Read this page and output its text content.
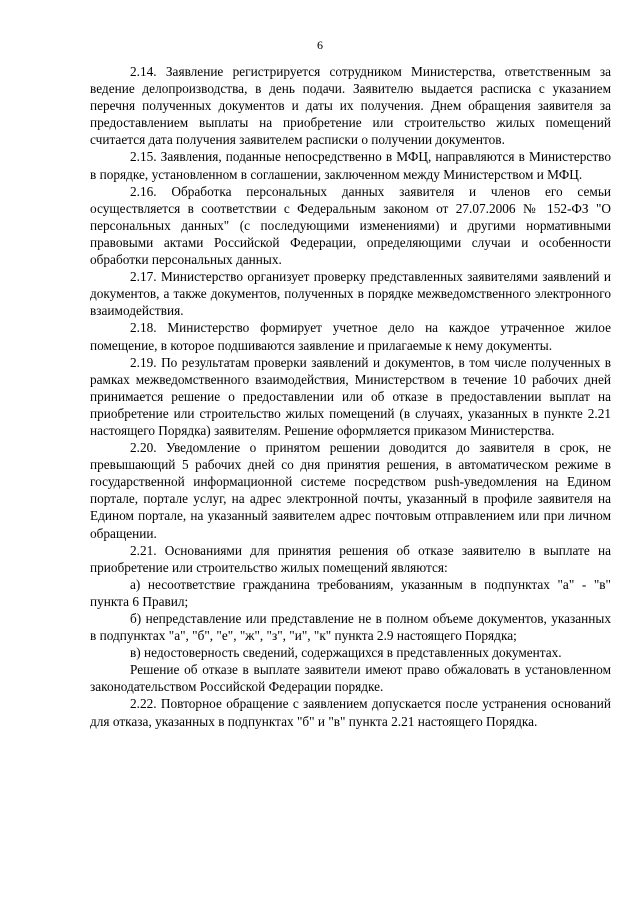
6

2.14. Заявление регистрируется сотрудником Министерства, ответственным за ведение делопроизводства, в день подачи. Заявителю выдается расписка с указанием перечня полученных документов и даты их получения. Днем обращения заявителя за предоставлением выплаты на приобретение или строительство жилых помещений считается дата получения заявителем расписки о получении документов.

2.15. Заявления, поданные непосредственно в МФЦ, направляются в Министерство в порядке, установленном в соглашении, заключенном между Министерством и МФЦ.

2.16. Обработка персональных данных заявителя и членов его семьи осуществляется в соответствии с Федеральным законом от 27.07.2006 № 152-ФЗ "О персональных данных" (с последующими изменениями) и другими нормативными правовыми актами Российской Федерации, определяющими случаи и особенности обработки персональных данных.

2.17. Министерство организует проверку представленных заявителями заявлений и документов, а также документов, полученных в порядке межведомственного электронного взаимодействия.

2.18. Министерство формирует учетное дело на каждое утраченное жилое помещение, в которое подшиваются заявление и прилагаемые к нему документы.

2.19. По результатам проверки заявлений и документов, в том числе полученных в рамках межведомственного взаимодействия, Министерством в течение 10 рабочих дней принимается решение о предоставлении или об отказе в предоставлении выплат на приобретение или строительство жилых помещений (в случаях, указанных в пункте 2.21 настоящего Порядка) заявителям. Решение оформляется приказом Министерства.

2.20. Уведомление о принятом решении доводится до заявителя в срок, не превышающий 5 рабочих дней со дня принятия решения, в автоматическом режиме в государственной информационной системе посредством push-уведомления на Едином портале, портале услуг, на адрес электронной почты, указанный в профиле заявителя на Едином портале, на указанный заявителем адрес почтовым отправлением или при личном обращении.

2.21. Основаниями для принятия решения об отказе заявителю в выплате на приобретение или строительство жилых помещений являются:

а) несоответствие гражданина требованиям, указанным в подпунктах "а" - "в" пункта 6 Правил;

б) непредставление или представление не в полном объеме документов, указанных в подпунктах "а", "б", "е", "ж", "з", "и", "к" пункта 2.9 настоящего Порядка;

в) недостоверность сведений, содержащихся в представленных документах.

Решение об отказе в выплате заявители имеют право обжаловать в установленном законодательством Российской Федерации порядке.

2.22. Повторное обращение с заявлением допускается после устранения оснований для отказа, указанных в подпунктах "б" и "в" пункта 2.21 настоящего Порядка.
